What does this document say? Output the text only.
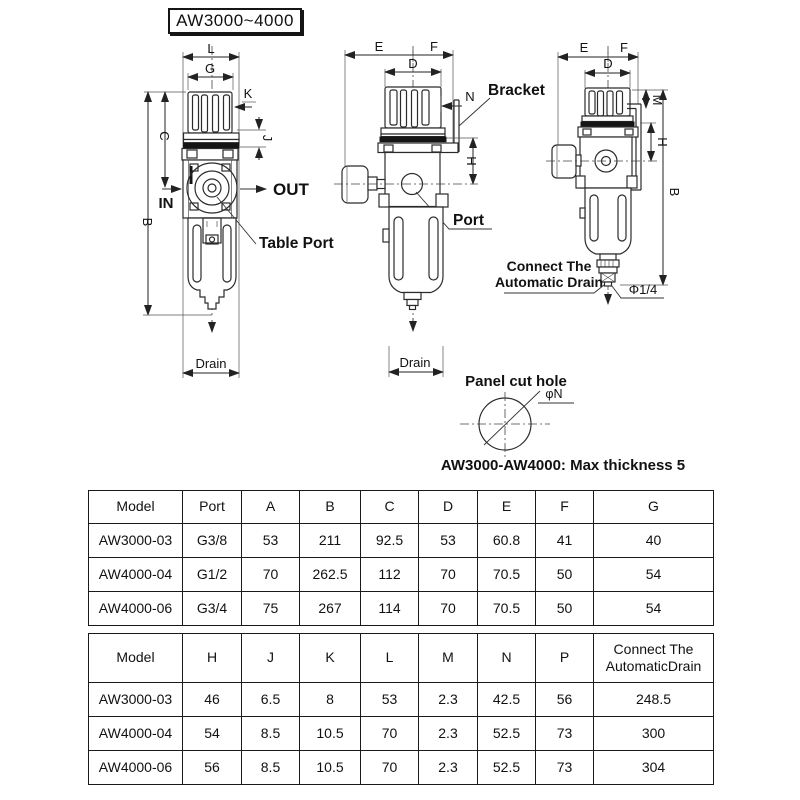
AW3000~4000
L
G
K
J
IN
OUT
Table Port
C
B
Drain
E	F
D
N Bracket
H
Port
Drain
E F
D
M
H
B
Connect The
Automatic Drain Φ1/4
Panel cut hole
φN
AW3000-AW4000: Max thickness 5
Model	Port	A	B	C	D	E	F	G
AW3000-03	G3/8	53	211	92.5	53	60.8	41	40
AW4000-04	G1/2	70	262.5	112	70	70.5	50	54
AW4000-06	G3/4	75	267	114	70	70.5	50	54
Model	H	J	K	L	M	N	P	Connect The AutomaticDrain
AW3000-03	46	6.5	8	53	2.3	42.5	56	248.5
AW4000-04	54	8.5	10.5	70	2.3	52.5	73	300
AW4000-06	56	8.5	10.5	70	2.3	52.5	73	304
